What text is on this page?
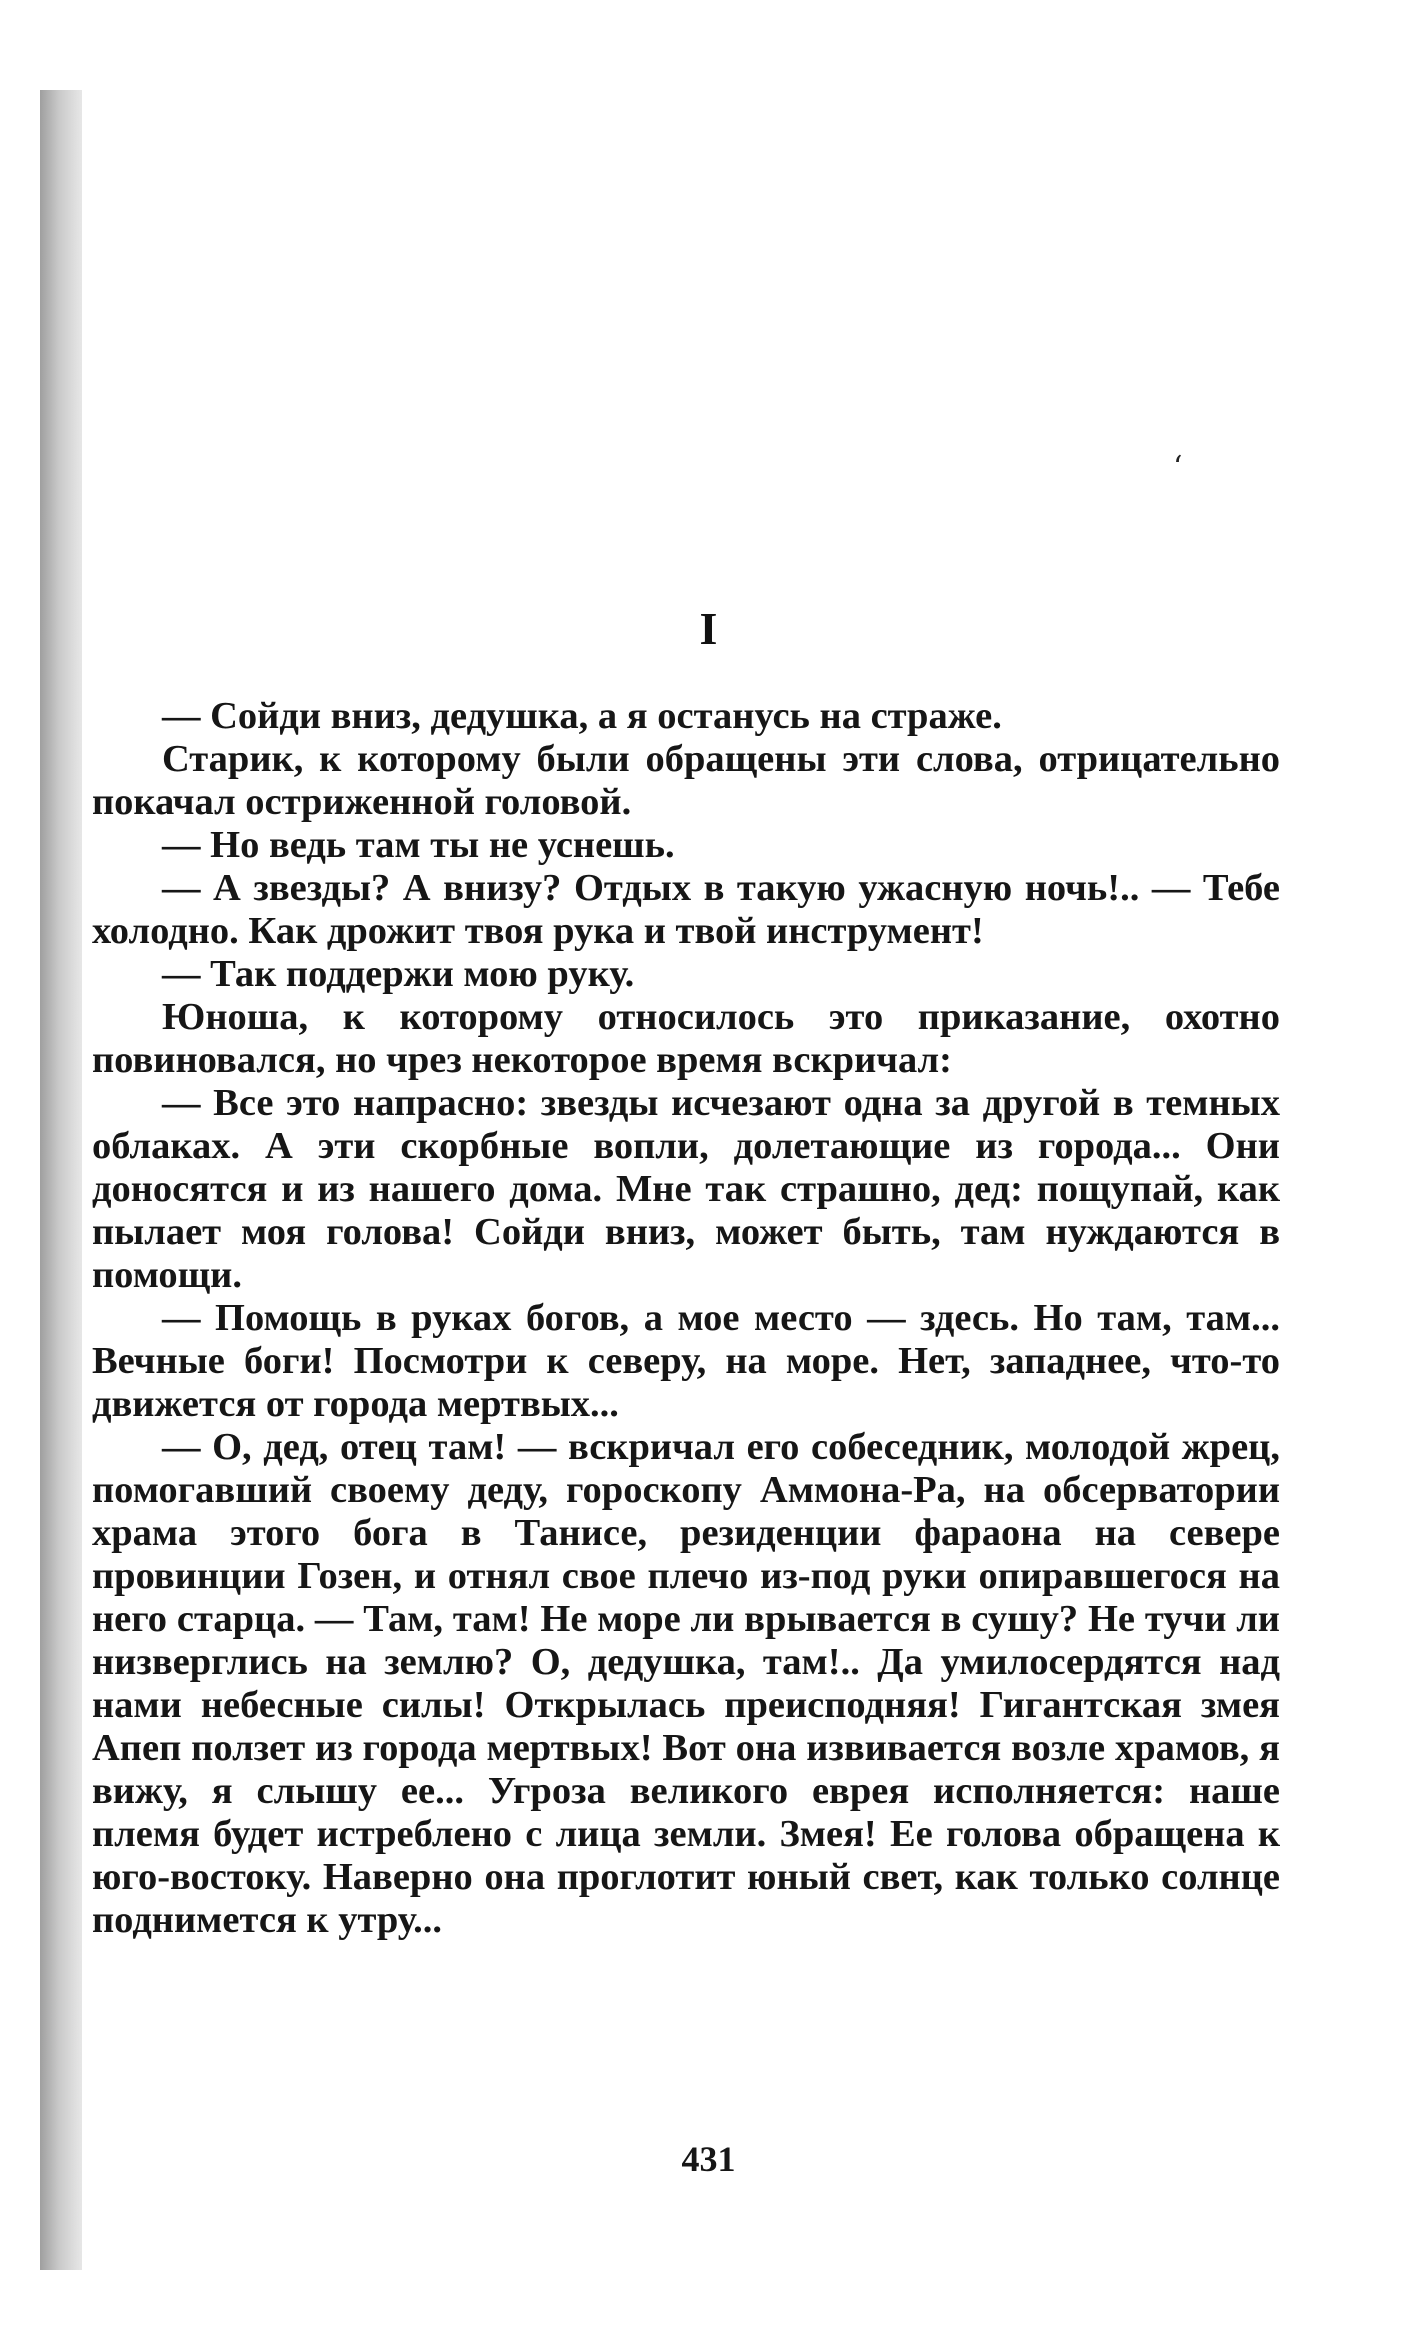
‘
I

— Сойди вниз, дедушка, а я останусь на страже.

Старик, к которому были обращены эти слова, отрицательно покачал остриженной головой.

— Но ведь там ты не уснешь.

— А звезды? А внизу? Отдых в такую ужасную ночь!.. — Тебе холодно. Как дрожит твоя рука и твой инструмент!

— Так поддержи мою руку.

Юноша, к которому относилось это приказание, охотно повиновался, но чрез некоторое время вскричал:

— Все это напрасно: звезды исчезают одна за другой в темных облаках. А эти скорбные вопли, долетающие из города... Они доносятся и из нашего дома. Мне так страшно, дед: пощупай, как пылает моя голова! Сойди вниз, может быть, там нуждаются в помощи.

— Помощь в руках богов, а мое место — здесь. Но там, там... Вечные боги! Посмотри к северу, на море. Нет, западнее, что-то движется от города мертвых...

— О, дед, отец там! — вскричал его собеседник, молодой жрец, помогавший своему деду, гороскопу Аммона-Ра, на обсерватории храма этого бога в Танисе, резиденции фараона на севере провинции Гозен, и отнял свое плечо из-под руки опиравшегося на него старца. — Там, там! Не море ли врывается в сушу? Не тучи ли низверглись на землю? О, дедушка, там!.. Да умилосердятся над нами небесные силы! Открылась преисподняя! Гигантская змея Апеп ползет из города мертвых! Вот она извивается возле храмов, я вижу, я слышу ее... Угроза великого еврея исполняется: наше племя будет истреблено с лица земли. Змея! Ее голова обращена к юго-востоку. Наверно она проглотит юный свет, как только солнце поднимется к утру...

431
